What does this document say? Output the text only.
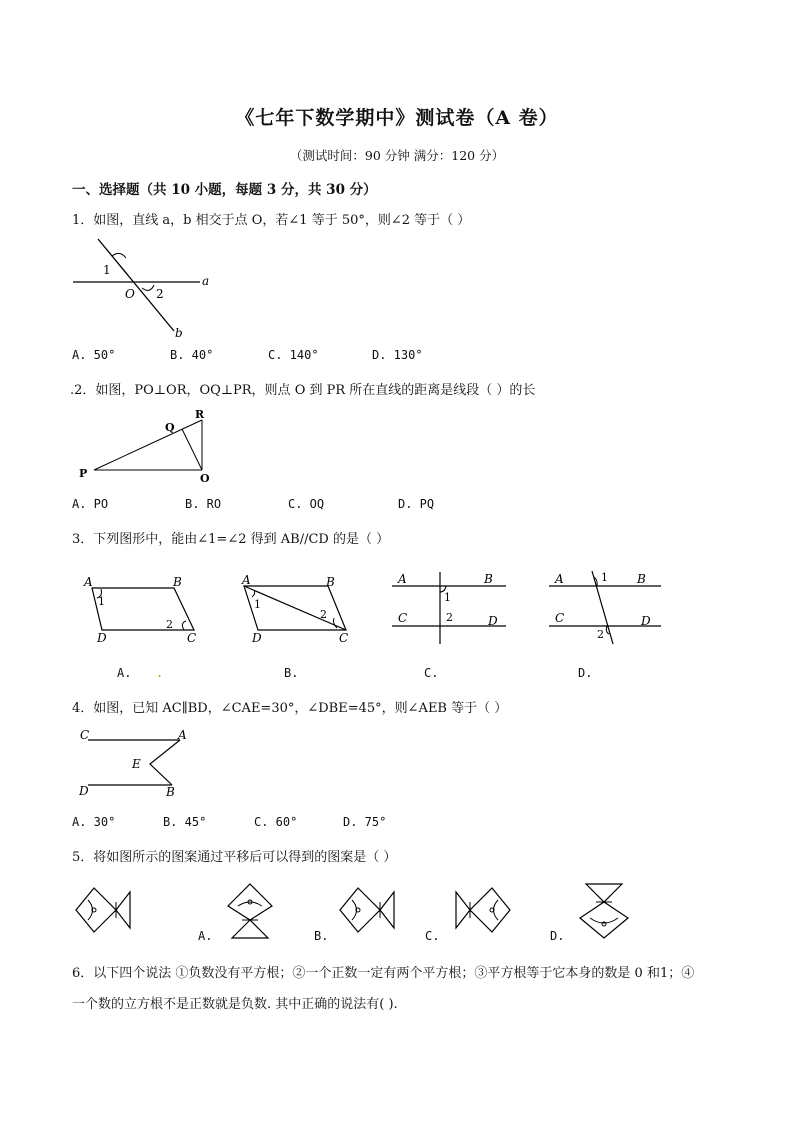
《七年下数学期中》测试卷（A 卷）
（测试时间：90 分钟 满分：120 分）
一、选择题（共 10 小题，每题 3 分，共 30 分）
1．如图，直线 a，b 相交于点 O，若∠1 等于 50°，则∠2 等于（ ）
1
O 2
a
b
A. 50°	B. 40°	C. 140°	D. 130°
.2．如图，PO⊥OR，OQ⊥PR，则点 O 到 PR 所在直线的距离是线段（ ）的长
R
Q
P	O
A. PO	B. RO	C. OQ	D. PQ
3．下列图形中，能由∠1=∠2 得到 AB//CD 的是（ ）
A	B
C
D
1
2
A	B
C
D
1
2
A	B
C	D
1
2
A	B
C	D
1
2
A. .	B.	C.	D.
4．如图，已知 AC∥BD，∠CAE=30°，∠DBE=45°，则∠AEB 等于（ ）
C	A
E
D	B
A. 30°	B. 45°	C. 60°	D. 75°
5．将如图所示的图案通过平移后可以得到的图案是（ ）
A.	B.	C.	D.
6．以下四个说法 ①负数没有平方根；②一个正数一定有两个平方根；③平方根等于它本身的数是 0 和1；④
一个数的立方根不是正数就是负数. 其中正确的说法有( ).
